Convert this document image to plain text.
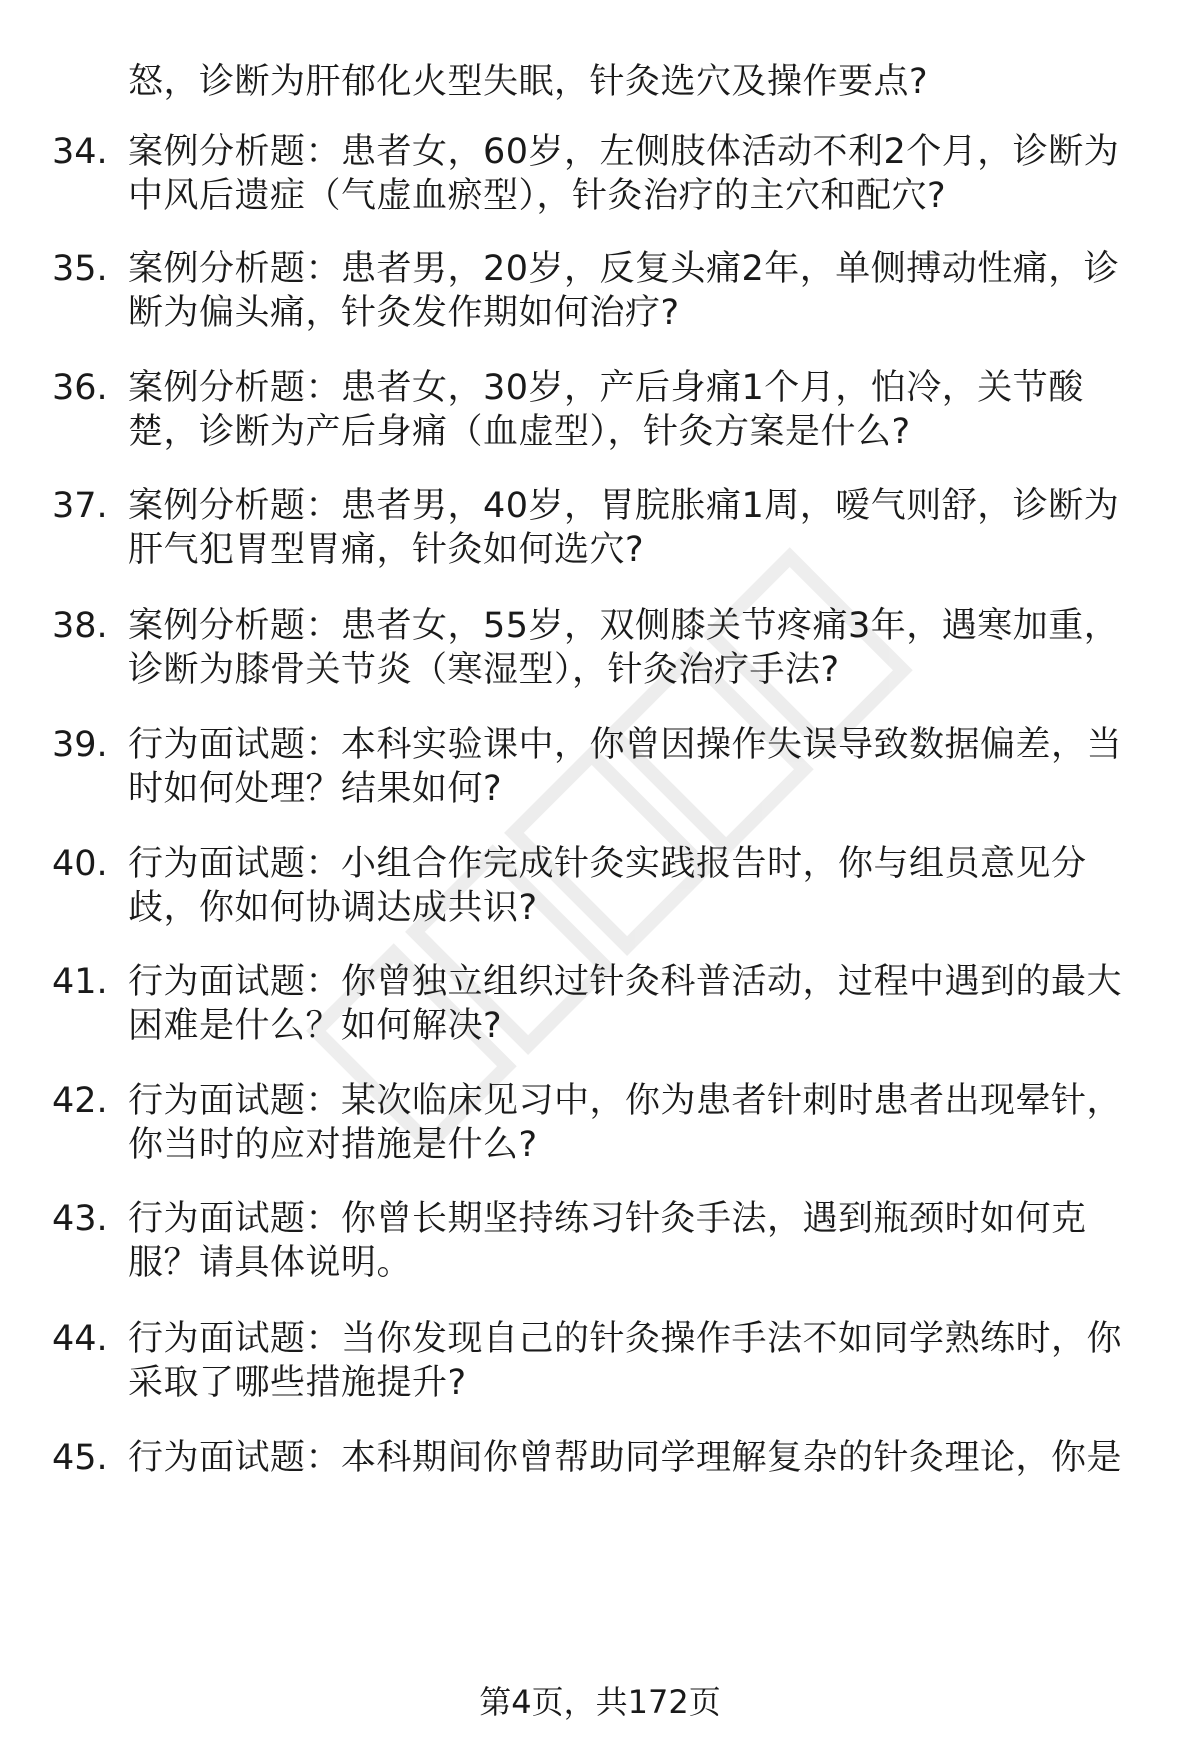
怒，诊断为肝郁化火型失眠，针灸选穴及操作要点?
34. 案例分析题：患者女，60岁，左侧肢体活动不利2个月，诊断为
中风后遗症（气虚血瘀型），针灸治疗的主穴和配穴?
35. 案例分析题：患者男，20岁，反复头痛2年，单侧搏动性痛，诊
断为偏头痛，针灸发作期如何治疗?
36. 案例分析题：患者女，30岁，产后身痛1个月，怕冷，关节酸
楚，诊断为产后身痛（血虚型），针灸方案是什么?
37. 案例分析题：患者男，40岁，胃脘胀痛1周，嗳气则舒，诊断为
肝气犯胃型胃痛，针灸如何选穴?
38. 案例分析题：患者女，55岁，双侧膝关节疼痛3年，遇寒加重，
诊断为膝骨关节炎（寒湿型），针灸治疗手法?
39. 行为面试题：本科实验课中，你曾因操作失误导致数据偏差，当
时如何处理？结果如何?
40. 行为面试题：小组合作完成针灸实践报告时，你与组员意见分
歧，你如何协调达成共识?
41. 行为面试题：你曾独立组织过针灸科普活动，过程中遇到的最大
困难是什么？如何解决?
42. 行为面试题：某次临床见习中，你为患者针刺时患者出现晕针，
你当时的应对措施是什么?
43. 行为面试题：你曾长期坚持练习针灸手法，遇到瓶颈时如何克
服？请具体说明。
44. 行为面试题：当你发现自己的针灸操作手法不如同学熟练时，你
采取了哪些措施提升?
45. 行为面试题：本科期间你曾帮助同学理解复杂的针灸理论，你是
第4页，共172页
